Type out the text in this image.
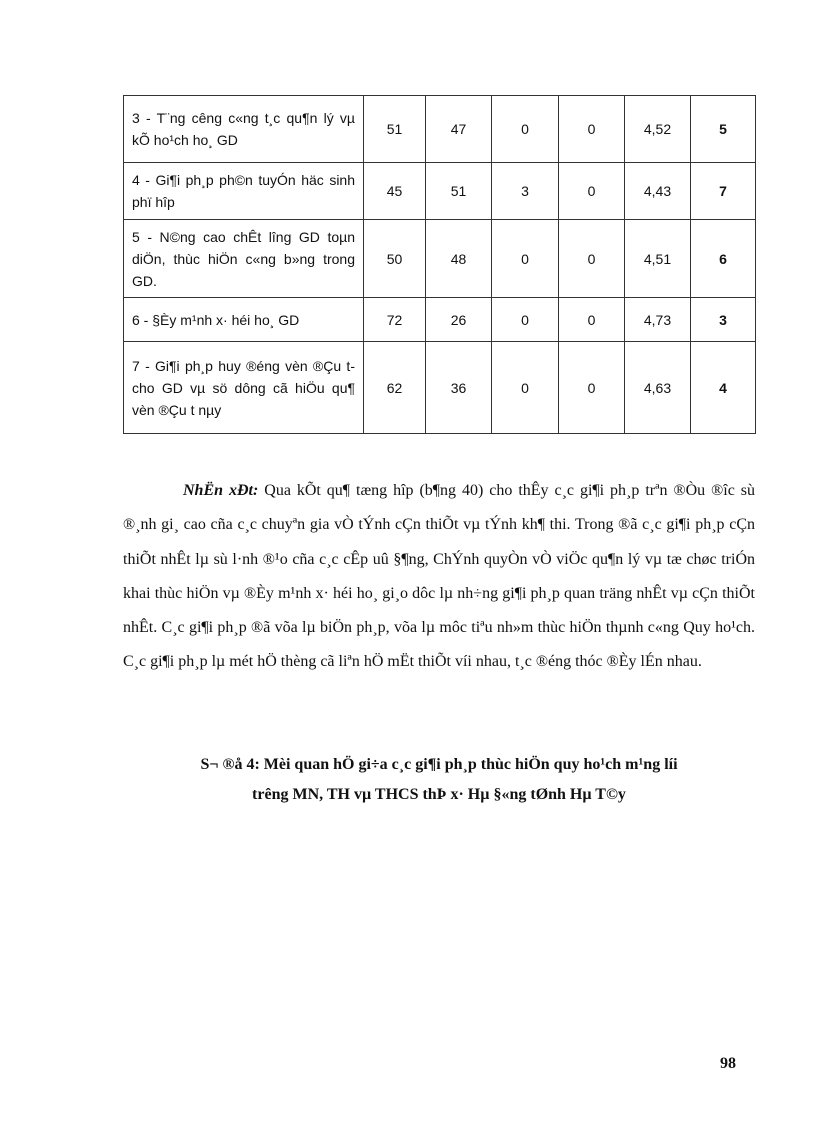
3 - T¨ng cêng c«ng t¸c qu¶n lý vµ kÕ ho¹ch ho¸ GD	51	47	0	0	4,52	5
4 - Gi¶i ph¸p ph©n tuyÓn häc sinh phï hîp	45	51	3	0	4,43	7
5 - N©ng cao chÊt lîng GD toµn diÖn, thùc hiÖn c«ng b»ng trong GD.	50	48	0	0	4,51	6
6 - §Èy m¹nh x· héi ho¸ GD	72	26	0	0	4,73	3
7 - Gi¶i ph¸p huy ®éng vèn ®Çu t cho GD vµ sö dông cã hiÖu qu¶ vèn ®Çu t nµy	62	36	0	0	4,63	4

NhËn xÐt: Qua kÕt qu¶ tæng hîp (b¶ng 40) cho thÊy c¸c gi¶i ph¸p trªn ®Òu ®îc sù ®¸nh gi¸ cao cña c¸c chuyªn gia vÒ tÝnh cÇn thiÕt vµ tÝnh kh¶ thi. Trong ®ã c¸c gi¶i ph¸p cÇn thiÕt nhÊt lµ sù l·nh ®¹o cña c¸c cÊp uû §¶ng, ChÝnh quyÒn vÒ viÖc qu¶n lý vµ tæ chøc triÓn khai thùc hiÖn vµ ®Èy m¹nh x· héi ho¸ gi¸o dôc lµ nh÷ng gi¶i ph¸p quan träng nhÊt vµ cÇn thiÕt nhÊt. C¸c gi¶i ph¸p ®ã võa lµ biÖn ph¸p, võa lµ môc tiªu nh»m thùc hiÖn thµnh c«ng Quy ho¹ch. C¸c gi¶i ph¸p lµ mét hÖ thèng cã liªn hÖ mËt thiÕt víi nhau, t¸c ®éng thóc ®Èy lÉn nhau.

S¬ ®å 4: Mèi quan hÖ gi÷a c¸c gi¶i ph¸p thùc hiÖn quy ho¹ch m¹ng líi
trêng MN, TH vµ THCS thÞ x· Hµ §«ng tØnh Hµ T©y
98
